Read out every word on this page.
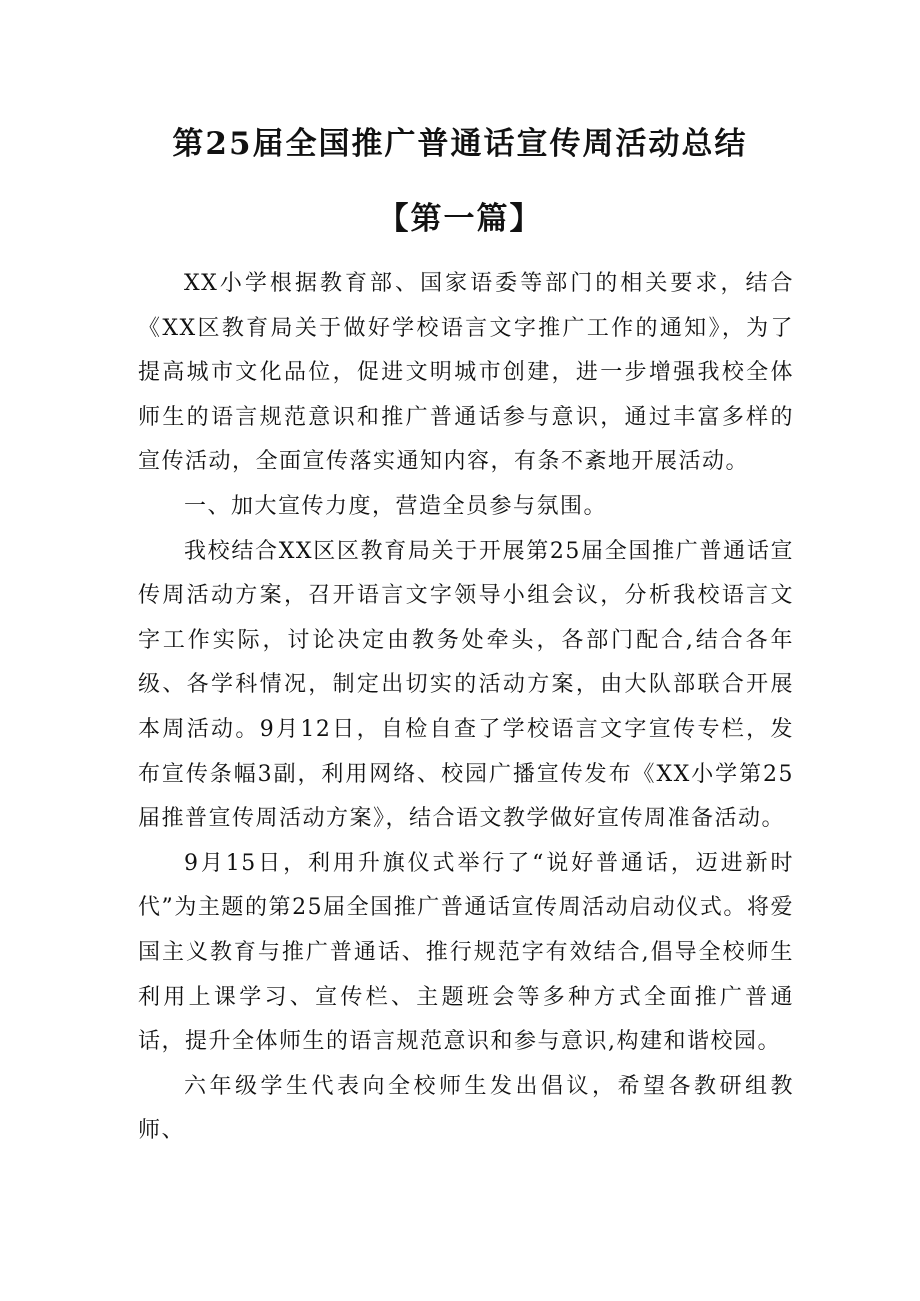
第25届全国推广普通话宣传周活动总结
【第一篇】

XX小学根据教育部、国家语委等部门的相关要求，结合《XX区教育局关于做好学校语言文字推广工作的通知》，为了提高城市文化品位，促进文明城市创建，进一步增强我校全体师生的语言规范意识和推广普通话参与意识，通过丰富多样的宣传活动，全面宣传落实通知内容，有条不紊地开展活动。

一、加大宣传力度，营造全员参与氛围。

我校结合XX区区教育局关于开展第25届全国推广普通话宣传周活动方案，召开语言文字领导小组会议，分析我校语言文字工作实际，讨论决定由教务处牵头，各部门配合,结合各年级、各学科情况，制定出切实的活动方案，由大队部联合开展本周活动。9月12日，自检自查了学校语言文字宣传专栏，发布宣传条幅3副，利用网络、校园广播宣传发布《XX小学第25届推普宣传周活动方案》，结合语文教学做好宣传周准备活动。

9月15日，利用升旗仪式举行了“说好普通话，迈进新时代”为主题的第25届全国推广普通话宣传周活动启动仪式。将爱国主义教育与推广普通话、推行规范字有效结合,倡导全校师生利用上课学习、宣传栏、主题班会等多种方式全面推广普通话，提升全体师生的语言规范意识和参与意识,构建和谐校园。

六年级学生代表向全校师生发出倡议，希望各教研组教师、
